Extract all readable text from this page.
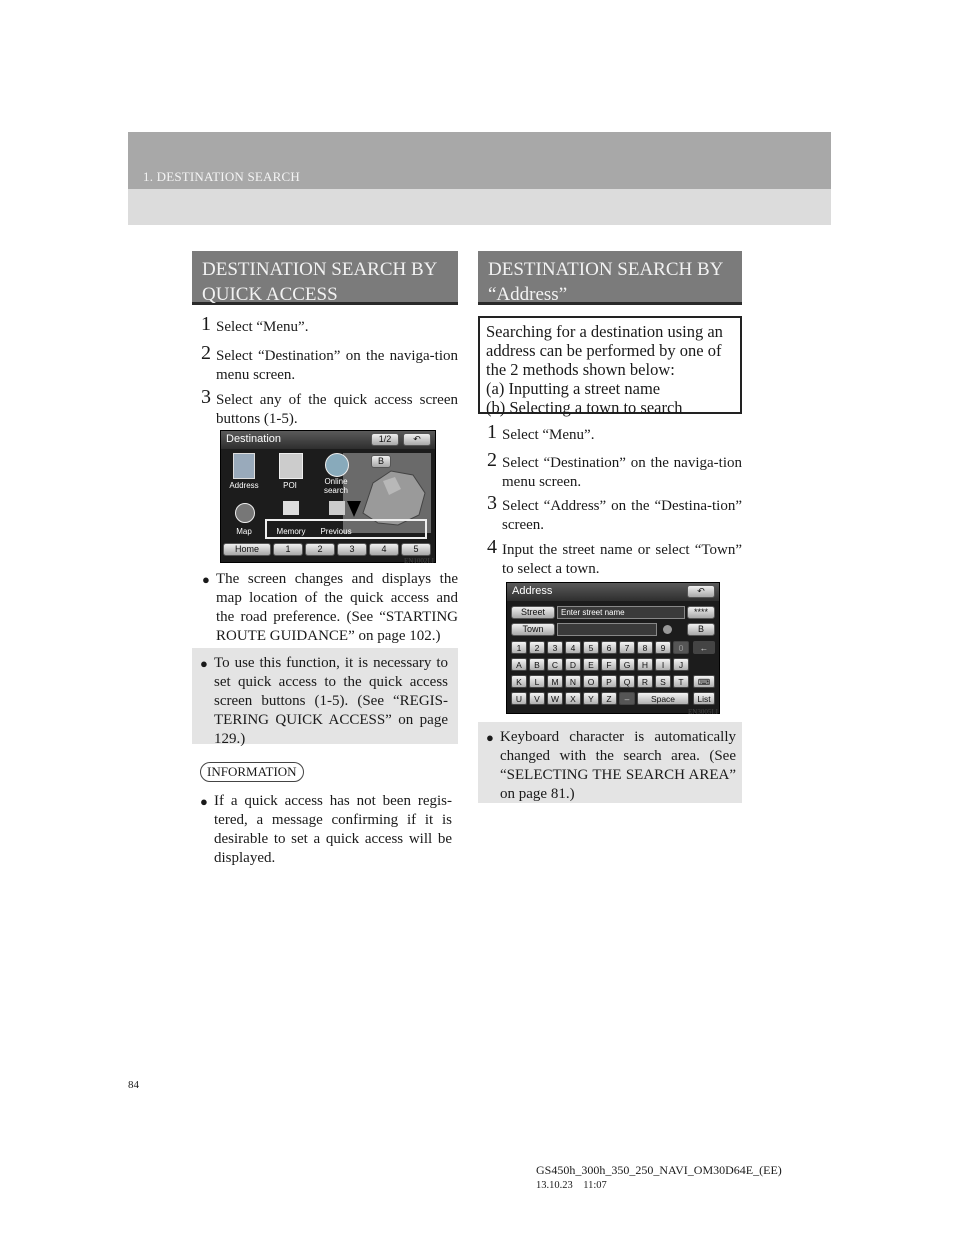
1. DESTINATION SEARCH
DESTINATION SEARCH BY
QUICK ACCESS
1 Select “Menu”.
2 Select “Destination” on the naviga-tion menu screen.
3 Select any of the quick access screen buttons (1-5).
Destination	1/2	↶
B
Address	POI	Online search
Map	Memory	Previous
Home	1	2	3	4	5
EN1002LI
● The screen changes and displays the map location of the quick access and the road preference. (See “STARTING ROUTE GUIDANCE” on page 102.)
● To use this function, it is necessary to set quick access to the quick access screen buttons (1-5). (See “REGIS-TERING QUICK ACCESS” on page 129.)
INFORMATION
● If a quick access has not been regis-tered, a message confirming if it is desirable to set a quick access will be displayed.
DESTINATION SEARCH BY
“Address”
Searching for a destination using an
address can be performed by one of
the 2 methods shown below:
(a) Inputting a street name
(b) Selecting a town to search
1 Select “Menu”.
2 Select “Destination” on the naviga-tion menu screen.
3 Select “Address” on the “Destina-tion” screen.
4 Input the street name or select “Town” to select a town.
Address	↶
Street	Enter street name	****
Town	B
1	2	3	4	5	6	7	8	9	0	←
A	B	C	D	E	F	G	H	I	J
K	L	M	N	O	P	Q	R	S	T	⌨
U	V	W	X	Y	Z	–	Space	List
EN3005LI
● Keyboard character is automatically changed with the search area. (See “SELECTING THE SEARCH AREA” on page 81.)
84
GS450h_300h_350_250_NAVI_OM30D64E_(EE)
13.10.23 11:07
